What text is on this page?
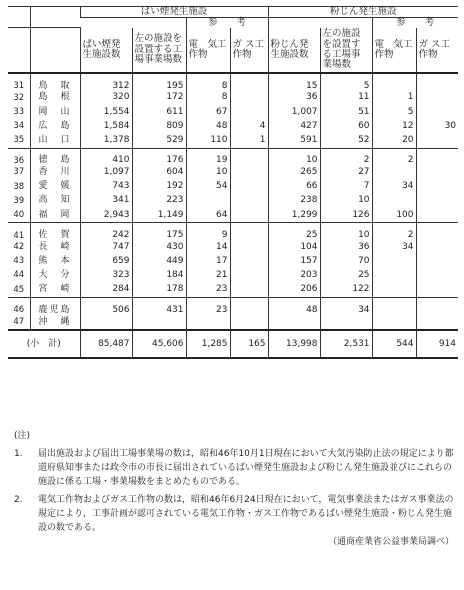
		ばい煙発生施設				粉じん発生施設			
				参　　考				参　　考	
		ばい煙発生施設数	左の施設を設置する工場事業場数	電　気工作物	ガ ス工作物	粉じん発生施設数	左の施設を設置する工場事業場数	電　気工作物	ガ ス工作物
31	鳥　取	312	195	8		15	5		
32	島　根	320	172	8		36	11	1	
33	岡　山	1,554	611	67		1,007	51	5	
34	広　島	1,584	809	48	4	427	60	12	30
35	山　口	1,378	529	110	1	591	52	20	
36	徳　島	410	176	19		10	2	2	
37	香　川	1,097	604	10		265	27		
38	愛　媛	743	192	54		66	7	34	
39	高　知	341	223			238	10		
40	福　岡	2,943	1,149	64		1,299	126	100	
41	佐　賀	242	175	9		25	10	2	
42	長　崎	747	430	14		104	36	34	
43	熊　本	659	449	17		157	70		
44	大　分	323	184	21		203	25		
45	宮　崎	284	178	23		206	122		
46	鹿児島	506	431	23		48	34		
47	沖　縄								
(小　計)		85,487	45,606	1,285	165	13,998	2,531	544	914
(注)
1.	届出施設および届出工場事業場の数は，昭和46年10月1日現在において大気汚染防止法の規定により都道府県知事または政令市の市長に届出されているばい煙発生施設および粉じん発生施設並びにこれらの施設に係る工場・事業場数をまとめたものである。
2.	電気工作物およびガス工作物の数は，昭和46年6月24日現在において，電気事業法またはガス事業法の規定により，工事計画が認可されている電気工作物・ガス工作物であるばい煙発生施設・粉じん発生施設の数である。
（通商産業省公益事業局調べ）
